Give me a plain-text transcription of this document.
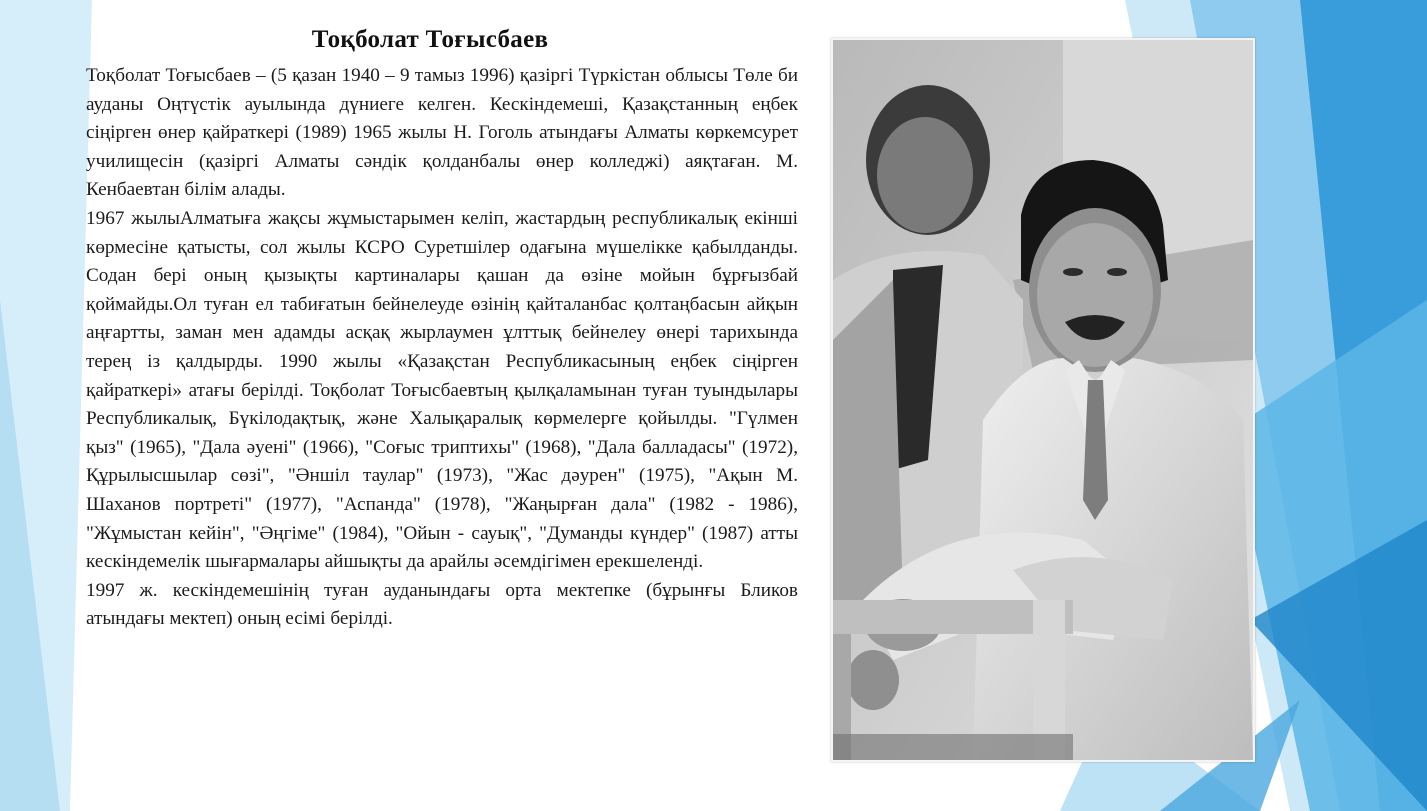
Тоқболат Тоғысбаев

Тоқболат Тоғысбаев – (5 қазан 1940 – 9 тамыз 1996) қазіргі Түркістан облысы Төле би ауданы Оңтүстік ауылында дүниеге келген. Кескіндемеші, Қазақстанның еңбек сіңірген өнер қайраткері (1989) 1965 жылы Н. Гоголь атындағы Алматы көркемсурет училищесін (қазіргі Алматы сәндік қолданбалы өнер колледжі) аяқтаған. М. Кенбаевтан білім алады.

1967 жылыАлматыға жақсы жұмыстарымен келіп, жастардың республикалық екінші көрмесіне қатысты, сол жылы КСРО Суретшілер одағына мүшелікке қабылданды. Содан бері оның қызықты картиналары қашан да өзіне мойын бұрғызбай қоймайды.Ол туған ел табиғатын бейнелеуде өзінің қайталанбас қолтаңбасын айқын аңғартты, заман мен адамды асқақ жырлаумен ұлттық бейнелеу өнері тарихында терең із қалдырды. 1990 жылы «Қазақстан Республикасының еңбек сіңірген қайраткері» атағы берілді. Тоқболат Тоғысбаевтың қылқаламынан туған туындылары Республикалық, Бүкілодақтық, және Халықаралық көрмелерге қойылды. "Гүлмен қыз" (1965), "Дала әуені" (1966), "Соғыс триптихы" (1968), "Дала балладасы" (1972), Құрылысшылар сөзі", "Әншіл таулар" (1973), "Жас дәурен" (1975), "Ақын М. Шаханов портреті" (1977), "Аспанда" (1978), "Жаңырған дала" (1982 - 1986), "Жұмыстан кейін", "Әңгіме" (1984), "Ойын - сауық", "Думанды күндер" (1987) атты кескіндемелік шығармалары айшықты да арайлы әсемдігімен ерекшеленді.

1997 ж. кескіндемешінің туған ауданындағы орта мектепке (бұрынғы Бликов атындағы мектеп) оның есімі берілді.
